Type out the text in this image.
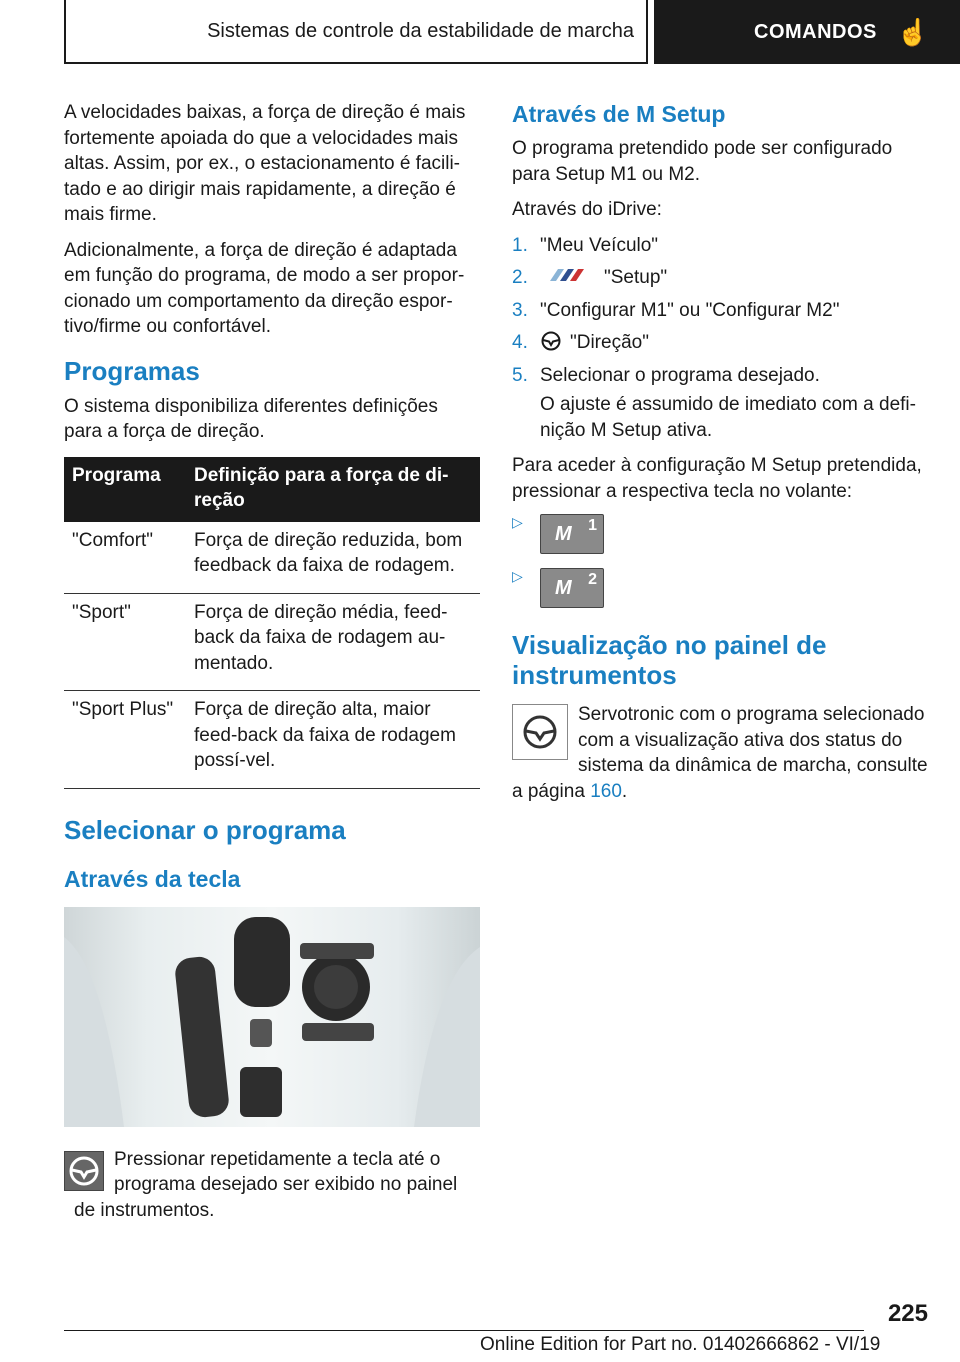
Sistemas de controle da estabilidade de marcha	COMANDOS ☝

A velocidades baixas, a força de direção é mais fortemente apoiada do que a velocidades mais altas. Assim, por ex., o estacionamento é facili-tado e ao dirigir mais rapidamente, a direção é mais firme.

Adicionalmente, a força de direção é adaptada em função do programa, de modo a ser propor-cionado um comportamento da direção espor-tivo/firme ou confortável.

Programas

O sistema disponibiliza diferentes definições para a força de direção.

Programa	Definição para a força de di-reção
"Comfort"	Força de direção reduzida, bom feedback da faixa de rodagem.
"Sport"	Força de direção média, feed-back da faixa de rodagem au-mentado.
"Sport Plus"	Força de direção alta, maior feed-back da faixa de rodagem possí-vel.
Selecionar o programa
Através da tecla

Pressionar repetidamente a tecla até o programa desejado ser exibido no painel de instrumentos.

Através de M Setup

O programa pretendido pode ser configurado para Setup M1 ou M2.

Através do iDrive:

1. "Meu Veículo"
2.	"Setup"
3. "Configurar M1" ou "Configurar M2"
4.	"Direção"
5. Selecionar o programa desejado.

O ajuste é assumido de imediato com a defi-nição M Setup ativa.

Para aceder à configuração M Setup pretendida, pressionar a respectiva tecla no volante:

▷
M 1
▷
M 2
Visualização no painel de instrumentos

Servotronic com o programa selecionado com a visualização ativa dos status do sistema da dinâmica de marcha, consulte a página 160.

225
Online Edition for Part no. 01402666862 - VI/19
